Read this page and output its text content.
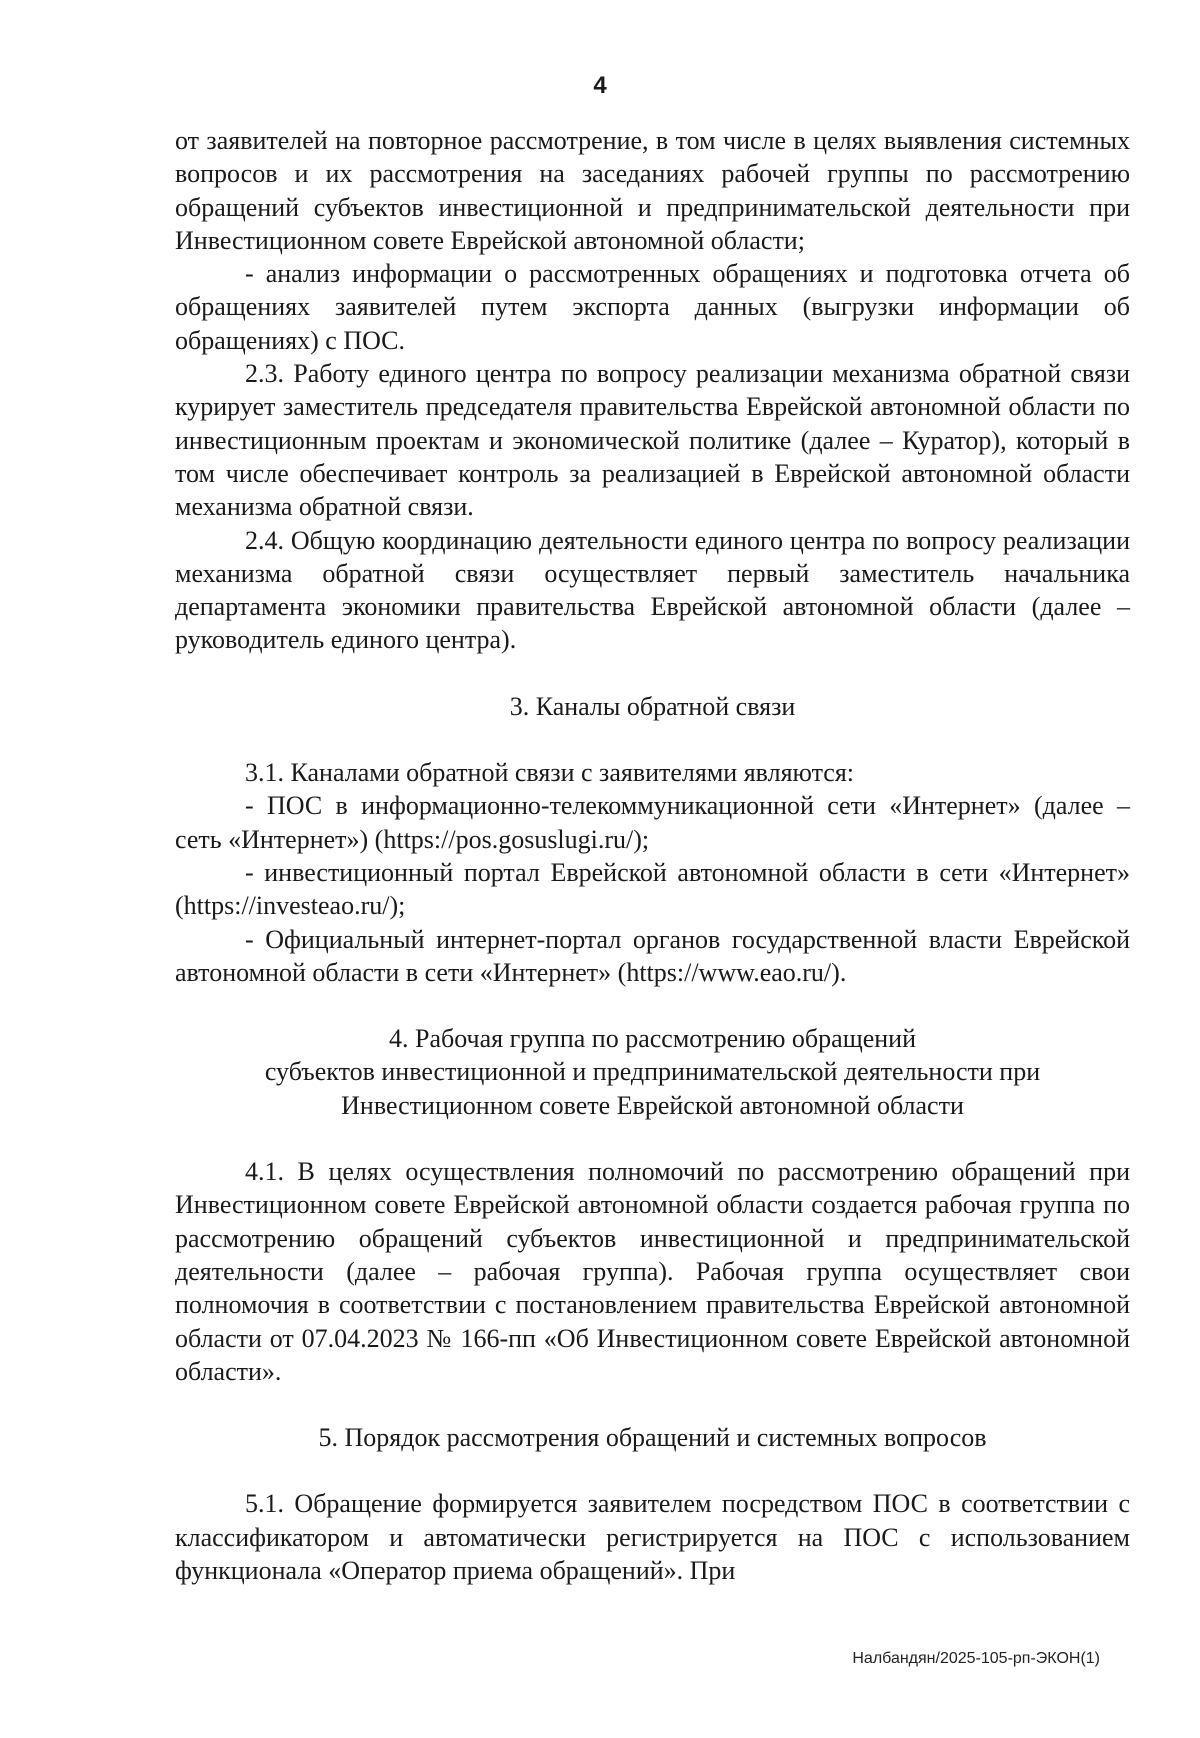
4

от заявителей на повторное рассмотрение, в том числе в целях выявления системных вопросов и их рассмотрения на заседаниях рабочей группы по рассмотрению обращений субъектов инвестиционной и предпринимательской деятельности при Инвестиционном совете Еврейской автономной области;

- анализ информации о рассмотренных обращениях и подготовка отчета об обращениях заявителей путем экспорта данных (выгрузки информации об обращениях) с ПОС.

2.3. Работу единого центра по вопросу реализации механизма обратной связи курирует заместитель председателя правительства Еврейской автономной области по инвестиционным проектам и экономической политике (далее – Куратор), который в том числе обеспечивает контроль за реализацией в Еврейской автономной области механизма обратной связи.

2.4. Общую координацию деятельности единого центра по вопросу реализации механизма обратной связи осуществляет первый заместитель начальника департамента экономики правительства Еврейской автономной области (далее – руководитель единого центра).

3. Каналы обратной связи

3.1. Каналами обратной связи с заявителями являются:

- ПОС в информационно-телекоммуникационной сети «Интернет» (далее – сеть «Интернет») (https://pos.gosuslugi.ru/);

- инвестиционный портал Еврейской автономной области в сети «Интернет» (https://investeao.ru/);

- Официальный интернет-портал органов государственной власти Еврейской автономной области в сети «Интернет» (https://www.eao.ru/).

4. Рабочая группа по рассмотрению обращений
субъектов инвестиционной и предпринимательской деятельности при
Инвестиционном совете Еврейской автономной области

4.1. В целях осуществления полномочий по рассмотрению обращений при Инвестиционном совете Еврейской автономной области создается рабочая группа по рассмотрению обращений субъектов инвестиционной и предпринимательской деятельности (далее – рабочая группа). Рабочая группа осуществляет свои полномочия в соответствии с постановлением правительства Еврейской автономной области от 07.04.2023 № 166-пп «Об Инвестиционном совете Еврейской автономной области».

5. Порядок рассмотрения обращений и системных вопросов

5.1. Обращение формируется заявителем посредством ПОС в соответствии с классификатором и автоматически регистрируется на ПОС с использованием функционала «Оператор приема обращений». При

Налбандян/2025-105-рп-ЭКОН(1)
